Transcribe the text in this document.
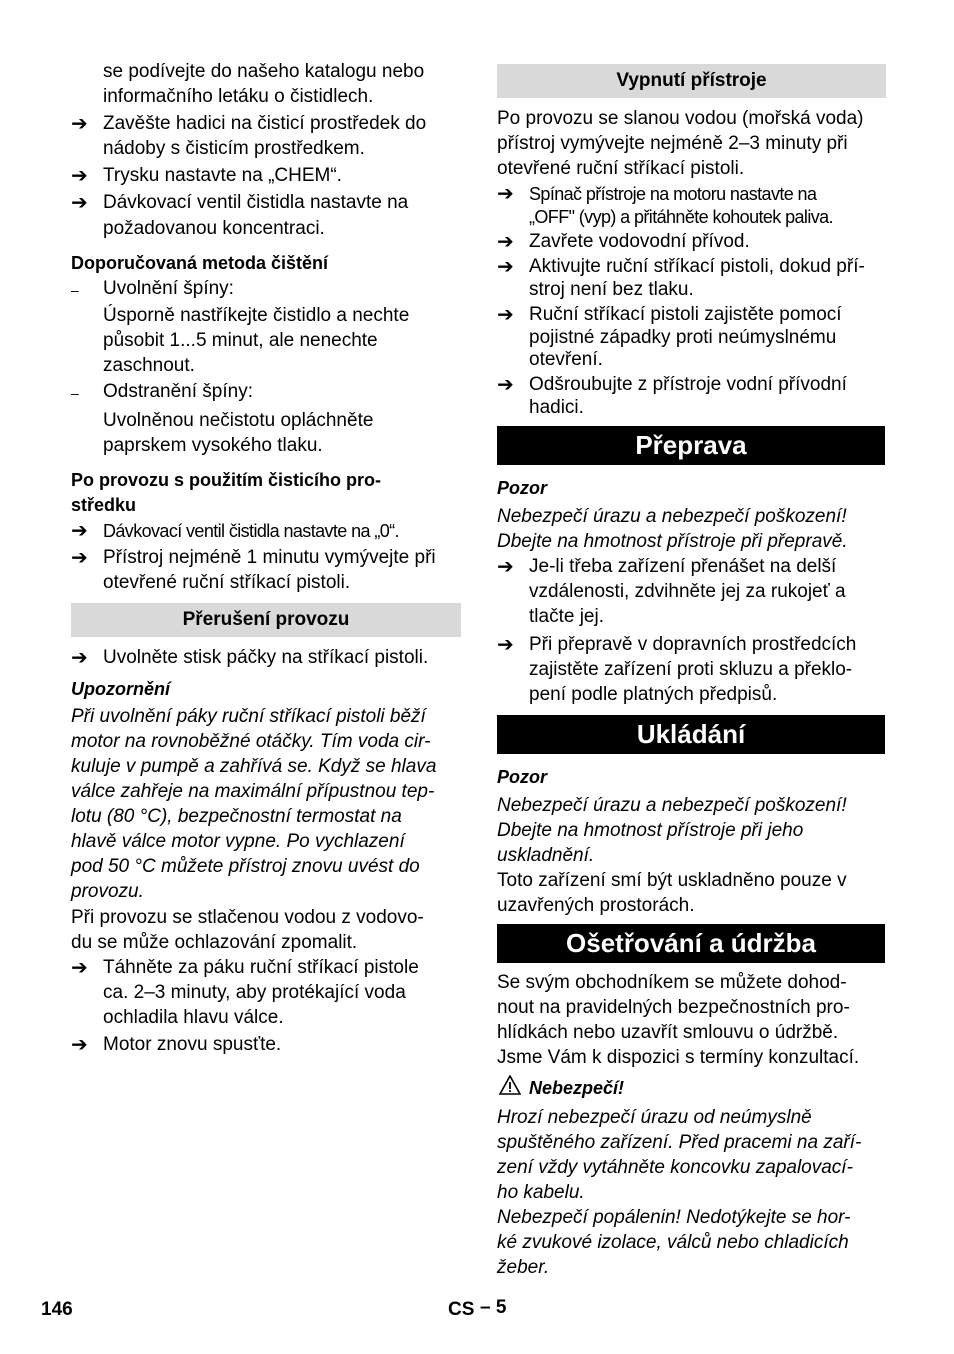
se podívejte do našeho katalogu nebo
informačního letáku o čistidlech.
➔ Zavěšte hadici na čisticí prostředek do
nádoby s čisticím prostředkem.
➔ Trysku nastavte na „CHEM“.
➔ Dávkovací ventil čistidla nastavte na
požadovanou koncentraci.
Doporučovaná metoda čištění
– Uvolnění špíny:
Úsporně nastříkejte čistidlo a nechte
působit 1...5 minut, ale nenechte
zaschnout.
– Odstranění špíny:
Uvolněnou nečistotu opláchněte
paprskem vysokého tlaku.
Po provozu s použitím čisticího pro-
středku
➔ Dávkovací ventil čistidla nastavte na „0“.
➔ Přístroj nejméně 1 minutu vymývejte při
otevřené ruční stříkací pistoli.
Přerušení provozu
➔ Uvolněte stisk páčky na stříkací pistoli.
Upozornění
Při uvolnění páky ruční stříkací pistoli běží
motor na rovnoběžné otáčky. Tím voda cir-
kuluje v pumpě a zahřívá se. Když se hlava
válce zahřeje na maximální přípustnou tep-
lotu (80 °C), bezpečnostní termostat na
hlavě válce motor vypne. Po vychlazení
pod 50 °C můžete přístroj znovu uvést do
provozu.
Při provozu se stlačenou vodou z vodovo-
du se může ochlazování zpomalit.
➔ Táhněte za páku ruční stříkací pistole
ca. 2–3 minuty, aby protékající voda
ochladila hlavu válce.
➔ Motor znovu spusťte.
Vypnutí přístroje
Po provozu se slanou vodou (mořská voda)
přístroj vymývejte nejméně 2–3 minuty při
otevřené ruční stříkací pistoli.
➔ Spínač přístroje na motoru nastavte na
„OFF" (vyp) a přitáhněte kohoutek paliva.
➔ Zavřete vodovodní přívod.
➔ Aktivujte ruční stříkací pistoli, dokud pří-
stroj není bez tlaku.
➔ Ruční stříkací pistoli zajistěte pomocí
pojistné západky proti neúmyslnému
otevření.
➔ Odšroubujte z přístroje vodní přívodní
hadici.
Přeprava
Pozor
Nebezpečí úrazu a nebezpečí poškození!
Dbejte na hmotnost přístroje při přepravě.
➔ Je-li třeba zařízení přenášet na delší
vzdálenosti, zdvihněte jej za rukojeť a
tlačte jej.
➔ Při přepravě v dopravních prostředcích
zajistěte zařízení proti skluzu a překlo-
pení podle platných předpisů.
Ukládání
Pozor
Nebezpečí úrazu a nebezpečí poškození!
Dbejte na hmotnost přístroje při jeho
uskladnění.
Toto zařízení smí být uskladněno pouze v
uzavřených prostorách.
Ošetřování a údržba
Se svým obchodníkem se můžete dohod-
nout na pravidelných bezpečnostních pro-
hlídkách nebo uzavřít smlouvu o údržbě.
Jsme Vám k dispozici s termíny konzultací.
Nebezpečí!
Hrozí nebezpečí úrazu od neúmyslně
spuštěného zařízení. Před pracemi na zaří-
zení vždy vytáhněte koncovku zapalovací-
ho kabelu.
Nebezpečí popálenin! Nedotýkejte se hor-
ké zvukové izolace, válců nebo chladicích
žeber.
146	CS – 5
